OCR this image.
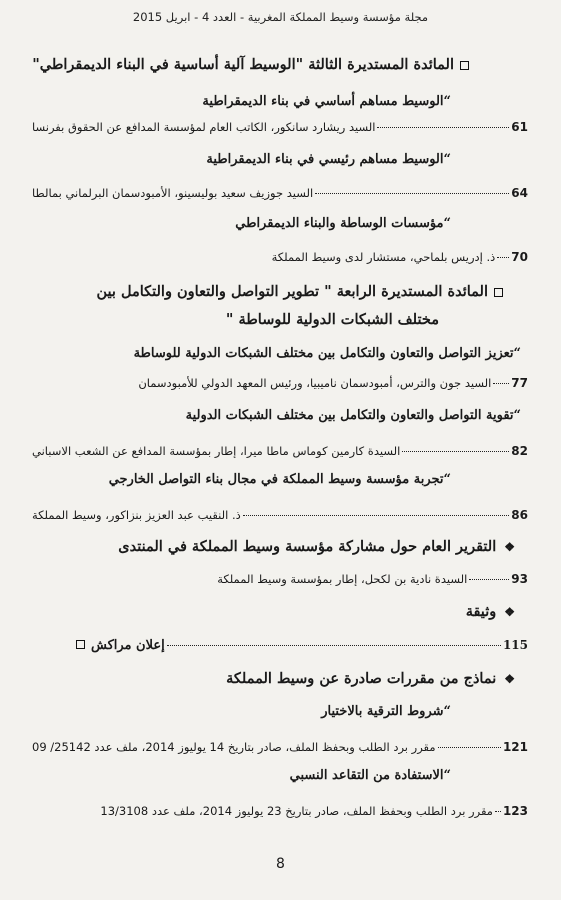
مجلة مؤسسة وسيط المملكة المغربية - العدد 4 - ابريل 2015
المائدة المستديرة الثالثة "الوسيط آلية أساسية في البناء الديمقراطي"
“ الوسيط مساهم أساسي في بناء الديمقراطية
61
السيد ريشارد سانكور، الكاتب العام لمؤسسة المدافع عن الحقوق بفرنسا
“ الوسيط مساهم رئيسي في بناء الديمقراطية
64
السيد جوزيف سعيد بوليسينو، الأمبودسمان البرلماني بمالطا
“ مؤسسات الوساطة والبناء الديمقراطي
70
ذ. إدريس بلماحي، مستشار لدى وسيط المملكة
المائدة المستديرة الرابعة " تطوير التواصل والتعاون والتكامل بين
مختلف الشبكات الدولية للوساطة "
“ تعزيز التواصل والتعاون والتكامل بين مختلف الشبكات الدولية للوساطة
77
السيد جون والترس، أمبودسمان ناميبيا، ورئيس المعهد الدولي للأمبودسمان
“ تقوية التواصل والتعاون والتكامل بين مختلف الشبكات الدولية
82
السيدة كارمين كوماس ماطا ميرا، إطار بمؤسسة المدافع عن الشعب الاسباني
“ تجربة مؤسسة وسيط المملكة في مجال بناء التواصل الخارجي
86
ذ. النقيب عبد العزيز بنزاكور، وسيط المملكة
❖التقرير العام حول مشاركة مؤسسة وسيط المملكة في المنتدى
93
السيدة نادية بن لكحل، إطار بمؤسسة وسيط المملكة
❖وثيقة
115
إعلان مراكش
❖نماذج من مقررات صادرة عن وسيط المملكة
“ شروط الترقية بالاختيار
121
مقرر برد الطلب وبحفظ الملف، صادر بتاريخ 14 يوليوز 2014، ملف عدد 25142/ 09
“ الاستفادة من التقاعد النسبي
123
مقرر برد الطلب وبحفظ الملف، صادر بتاريخ 23 يوليوز 2014، ملف عدد 13/3108
8
